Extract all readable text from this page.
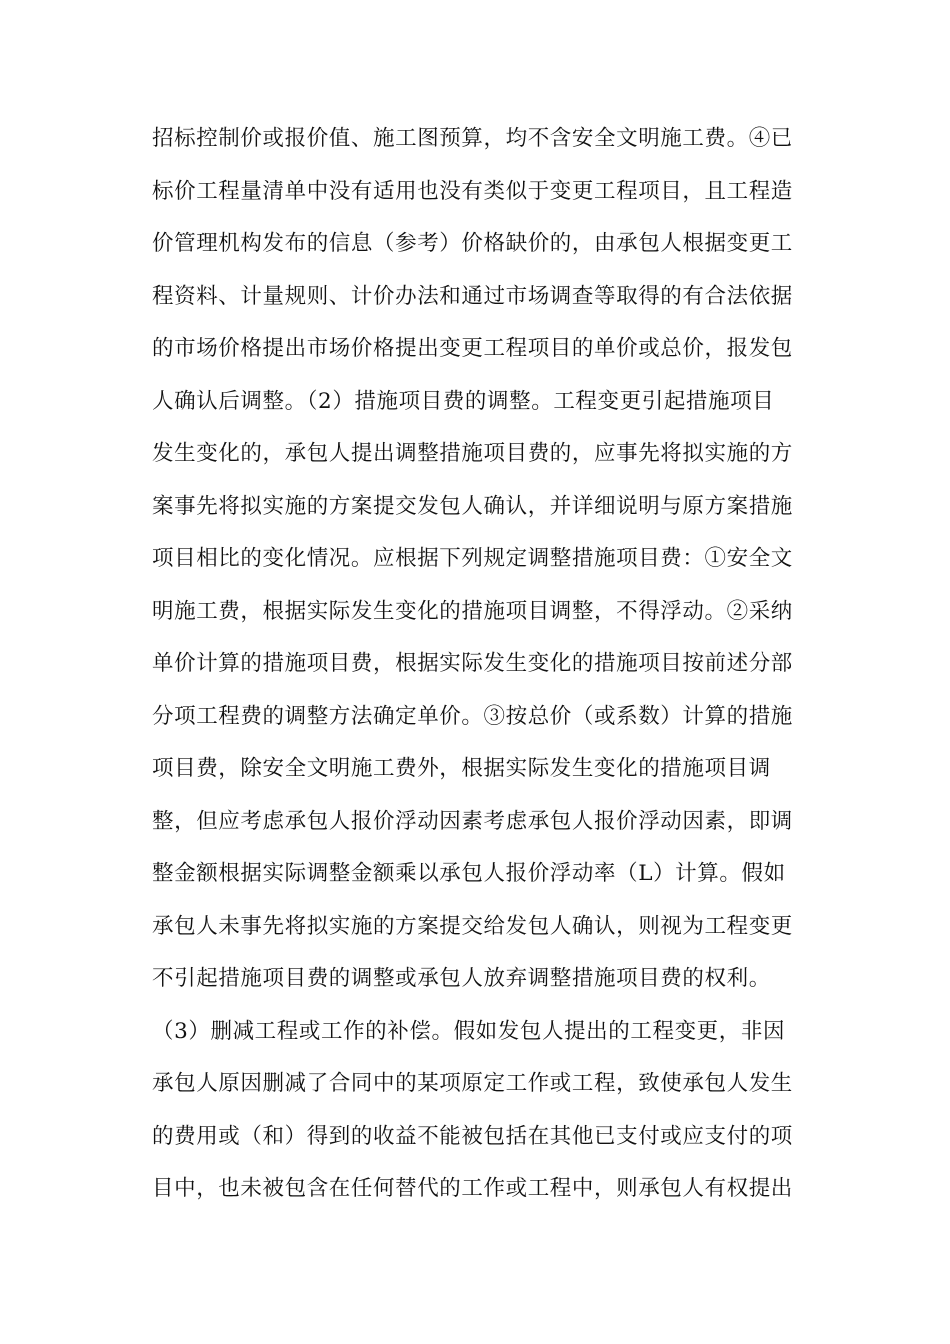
招标控制价或报价值、施工图预算，均不含安全文明施工费。④已
标价工程量清单中没有适用也没有类似于变更工程项目，且工程造
价管理机构发布的信息（参考）价格缺价的，由承包人根据变更工
程资料、计量规则、计价办法和通过市场调查等取得的有合法依据
的市场价格提出市场价格提出变更工程项目的单价或总价，报发包
人确认后调整。（2）措施项目费的调整。工程变更引起措施项目
发生变化的，承包人提出调整措施项目费的，应事先将拟实施的方
案事先将拟实施的方案提交发包人确认，并详细说明与原方案措施
项目相比的变化情况。应根据下列规定调整措施项目费：①安全文
明施工费，根据实际发生变化的措施项目调整，不得浮动。②采纳
单价计算的措施项目费，根据实际发生变化的措施项目按前述分部
分项工程费的调整方法确定单价。③按总价（或系数）计算的措施
项目费，除安全文明施工费外，根据实际发生变化的措施项目调
整，但应考虑承包人报价浮动因素考虑承包人报价浮动因素，即调
整金额根据实际调整金额乘以承包人报价浮动率（L）计算。假如
承包人未事先将拟实施的方案提交给发包人确认，则视为工程变更
不引起措施项目费的调整或承包人放弃调整措施项目费的权利。
（3）删减工程或工作的补偿。假如发包人提出的工程变更，非因
承包人原因删减了合同中的某项原定工作或工程，致使承包人发生
的费用或（和）得到的收益不能被包括在其他已支付或应支付的项
目中，也未被包含在任何替代的工作或工程中，则承包人有权提出
